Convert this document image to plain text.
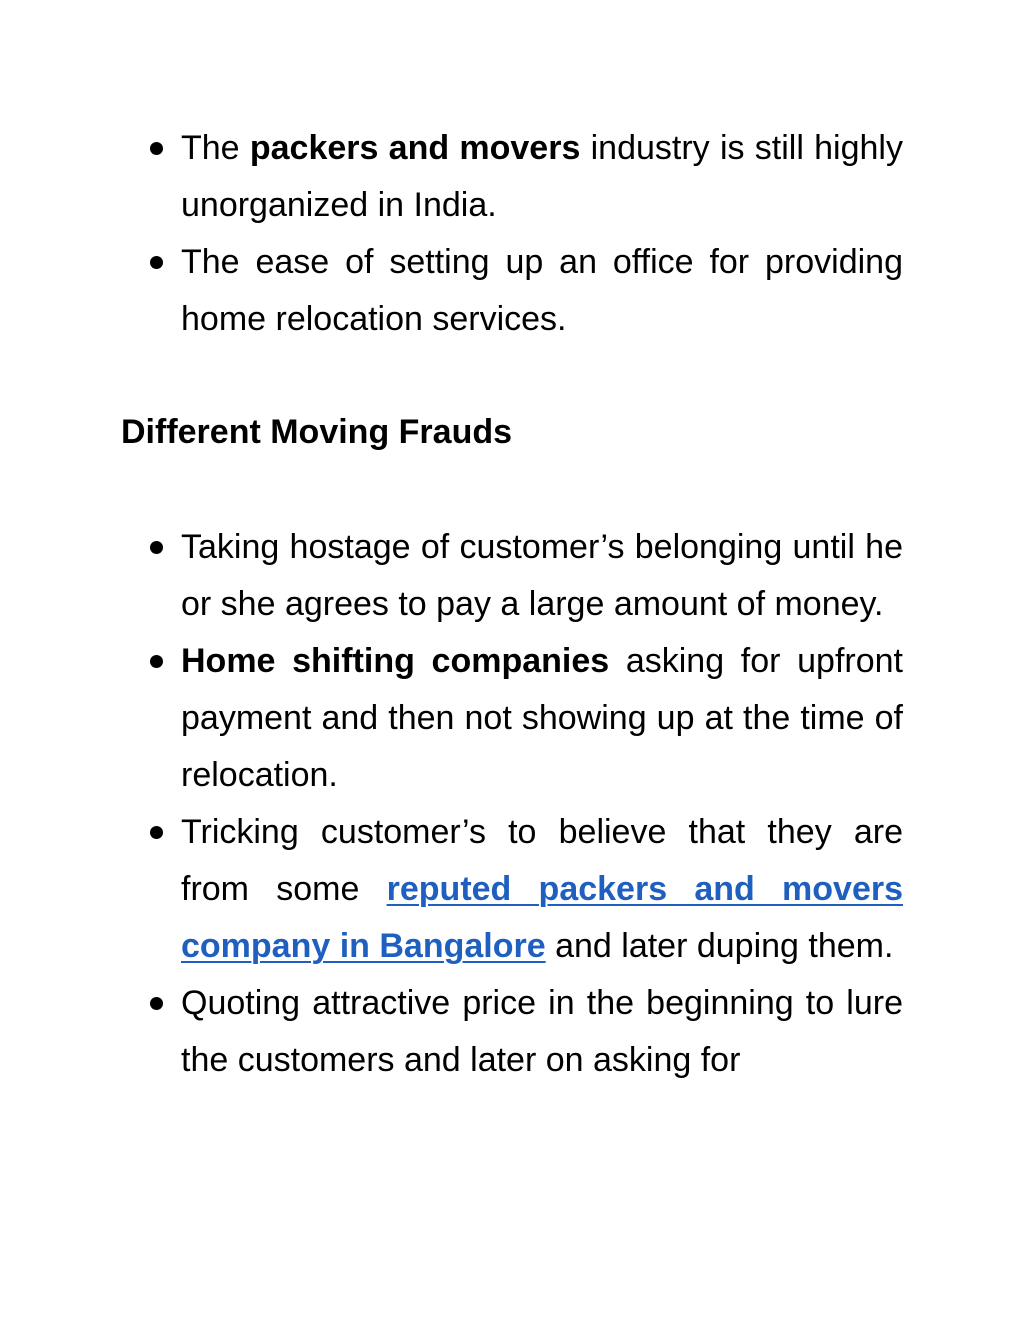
The packers and movers industry is still highly unorganized in India.
The ease of setting up an office for providing home relocation services.
Different Moving Frauds
Taking hostage of customer’s belonging until he or she agrees to pay a large amount of money.
Home shifting companies asking for upfront payment and then not showing up at the time of relocation.
Tricking customer’s to believe that they are from some reputed packers and movers company in Bangalore and later duping them.
Quoting attractive price in the beginning to lure the customers and later on asking for
